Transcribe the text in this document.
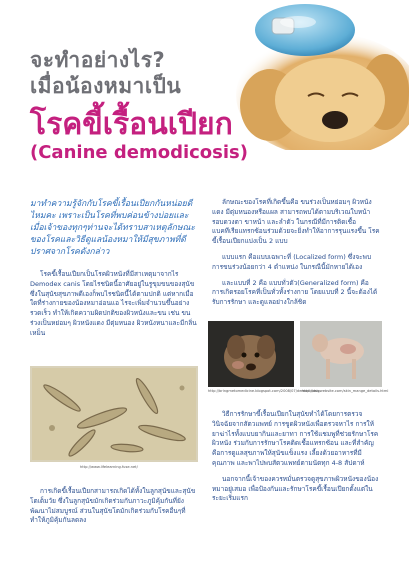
จะทำอย่างไร?
เมื่อน้องหมาเป็น
โรคขี้เรื้อนเปียก
(Canine demodicosis)
มาทำความรู้จักกับโรคขี้เรื้อนเปียกกันหน่อยดีไหมคะ เพราะเป็นโรคที่พบค่อนข้างบ่อยและเมื่อเจ้าของทุกๆท่านจะได้ทราบสาเหตุลักษณะของโรคและวิธีดูแลน้องหมาให้มีสุขภาพที่ดี ปราศจากโรคดังกล่าว

โรคขี้เรื้อนเปียกเป็นโรคผิวหนังที่มีสาเหตุมาจากไร Demodex canis โดยไรชนิดนี้อาศัยอยู่ในรูขุมขนของสุนัข ซึ่งในสุนัขสุขภาพดีเองก็พบไรชนิดนี้ได้ตามปกติ แต่หากเมื่อใดที่ร่างกายของน้องหมาอ่อนแอ ไรจะเพิ่มจำนวนขึ้นอย่างรวดเร็ว ทำให้เกิดความผิดปกติของผิวหนังและขน เช่น ขนร่วงเป็นหย่อมๆ ผิวหนังแดง มีตุ่มหนอง ผิวหนังหนาและมีกลิ่นเหม็น

http://www.lifelearning.fuse.net/

การเกิดขี้เรื้อนเปียกสามารถเกิดได้ทั้งในลูกสุนัขและสุนัขโตเต็มวัย ซึ่งในลูกสุนัขมักเกิดร่วมกับภาวะภูมิคุ้มกันที่ยังพัฒนาไม่สมบูรณ์ ส่วนในสุนัขโตมักเกิดร่วมกับโรคอื่นๆที่ทำให้ภูมิคุ้มกันลดลง

ลักษณะของโรคที่เกิดขึ้นคือ ขนร่วงเป็นหย่อมๆ ผิวหนังแดง มีตุ่มหนองหรือแผล สามารถพบได้ตามบริเวณใบหน้า รอบดวงตา ขาหน้า และลำตัว ในกรณีที่มีการติดเชื้อแบคทีเรียแทรกซ้อนร่วมด้วยจะยิ่งทำให้อาการรุนแรงขึ้น โรคขี้เรื้อนเปียกแบ่งเป็น 2 แบบ

แบบแรก คือแบบเฉพาะที่ (Localized form) ซึ่งจะพบการขนร่วงน้อยกว่า 4 ตำแหน่ง ในกรณีนี้มักหายได้เอง

และแบบที่ 2 คือ แบบทั่วตัว(Generalized form) คือ การเกิดรอยโรคที่เป็นทั่วทั้งร่างกาย โดยแบบที่ 2 นี้จะต้องได้รับการรักษา และดูแลอย่างใกล้ชิด

http://bringmetomedicine.blogspot.com/2008/07/demodicosis
http://dogwebsite.com/skin_mange_details.html

วิธีการรักษาขี้เรื้อนเปียกในสุนัขทำได้โดยการตรวจวินิจฉัยจากสัตวแพทย์ การขูดผิวหนังเพื่อตรวจหาไร การให้ยาฆ่าไรทั้งแบบยากินและยาทา การใช้แชมพูที่ช่วยรักษาโรคผิวหนัง ร่วมกับการรักษาโรคติดเชื้อแทรกซ้อน และที่สำคัญคือการดูแลสุขภาพให้สุนัขแข็งแรง เลี้ยงด้วยอาหารที่มีคุณภาพ และพาไปพบสัตวแพทย์ตามนัดทุก 4-8 สัปดาห์

นอกจากนี้เจ้าของควรหมั่นตรวจดูสุขภาพผิวหนังของน้องหมาอยู่เสมอ เพื่อป้องกันและรักษาโรคขี้เรื้อนเปียกตั้งแต่ในระยะเริ่มแรก
